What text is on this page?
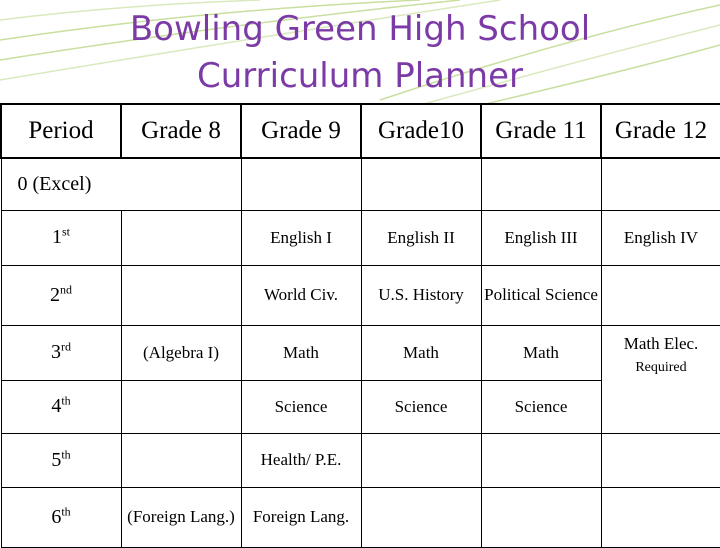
Bowling Green High School
Curriculum Planner
Period	Grade 8	Grade 9	Grade10	Grade 11	Grade 12
0 (Excel)					
1st		English I	English II	English III	English IV
2nd		World Civ.	U.S. History	Political Science	
3rd	(Algebra I)	Math	Math	Math	Math Elec.
Required

4th		Science	Science	Science	
5th		Health/ P.E.			
6th	(Foreign Lang.)	Foreign Lang.			
